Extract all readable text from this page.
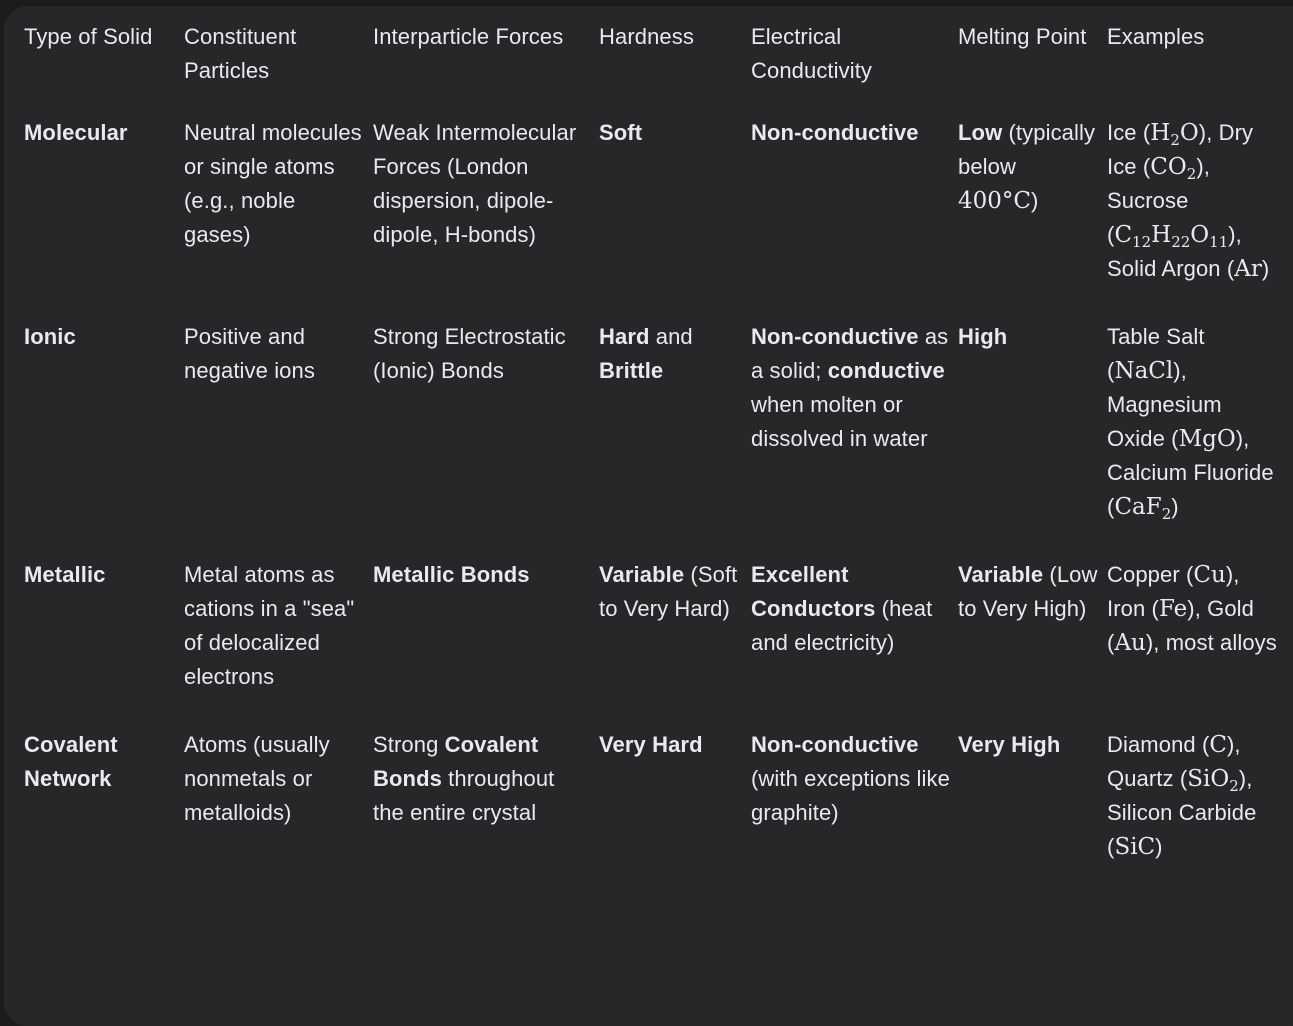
Type of Solid	Constituent Particles	Interparticle Forces	Hardness	Electrical Conductivity	Melting Point	Examples

Molecular	Neutral molecules or single atoms (e.g., noble gases)	Weak Intermolecular Forces (London dispersion, dipole-dipole, H-bonds)	Soft	Non-conductive	Low (typically below 400°C)	Ice $(H_2O)$, Dry Ice $(CO_2)$, Sucrose $(C_{12}H_{22}O_{11})$, Solid Argon (Ar)

Ionic	Positive and negative ions	Strong Electrostatic (Ionic) Bonds	Hard and Brittle	Non-conductive as a solid; conductive when molten or dissolved in water	High	Table Salt (NaCl), Magnesium Oxide (MgO), Calcium Fluoride (CaF$_2$)

Metallic	Metal atoms as cations in a "sea" of delocalized electrons	Metallic Bonds	Variable (Soft to Very Hard)	Excellent Conductors (heat and electricity)	Variable (Low to Very High)	Copper (Cu), Iron (Fe), Gold (Au), most alloys

Covalent Network	Atoms (usually nonmetals or metalloids)	Strong Covalent Bonds throughout the entire crystal	Very Hard	Non-conductive (with exceptions like graphite)	Very High	Diamond (C), Quartz (SiO$_2$), Silicon Carbide (SiC)
